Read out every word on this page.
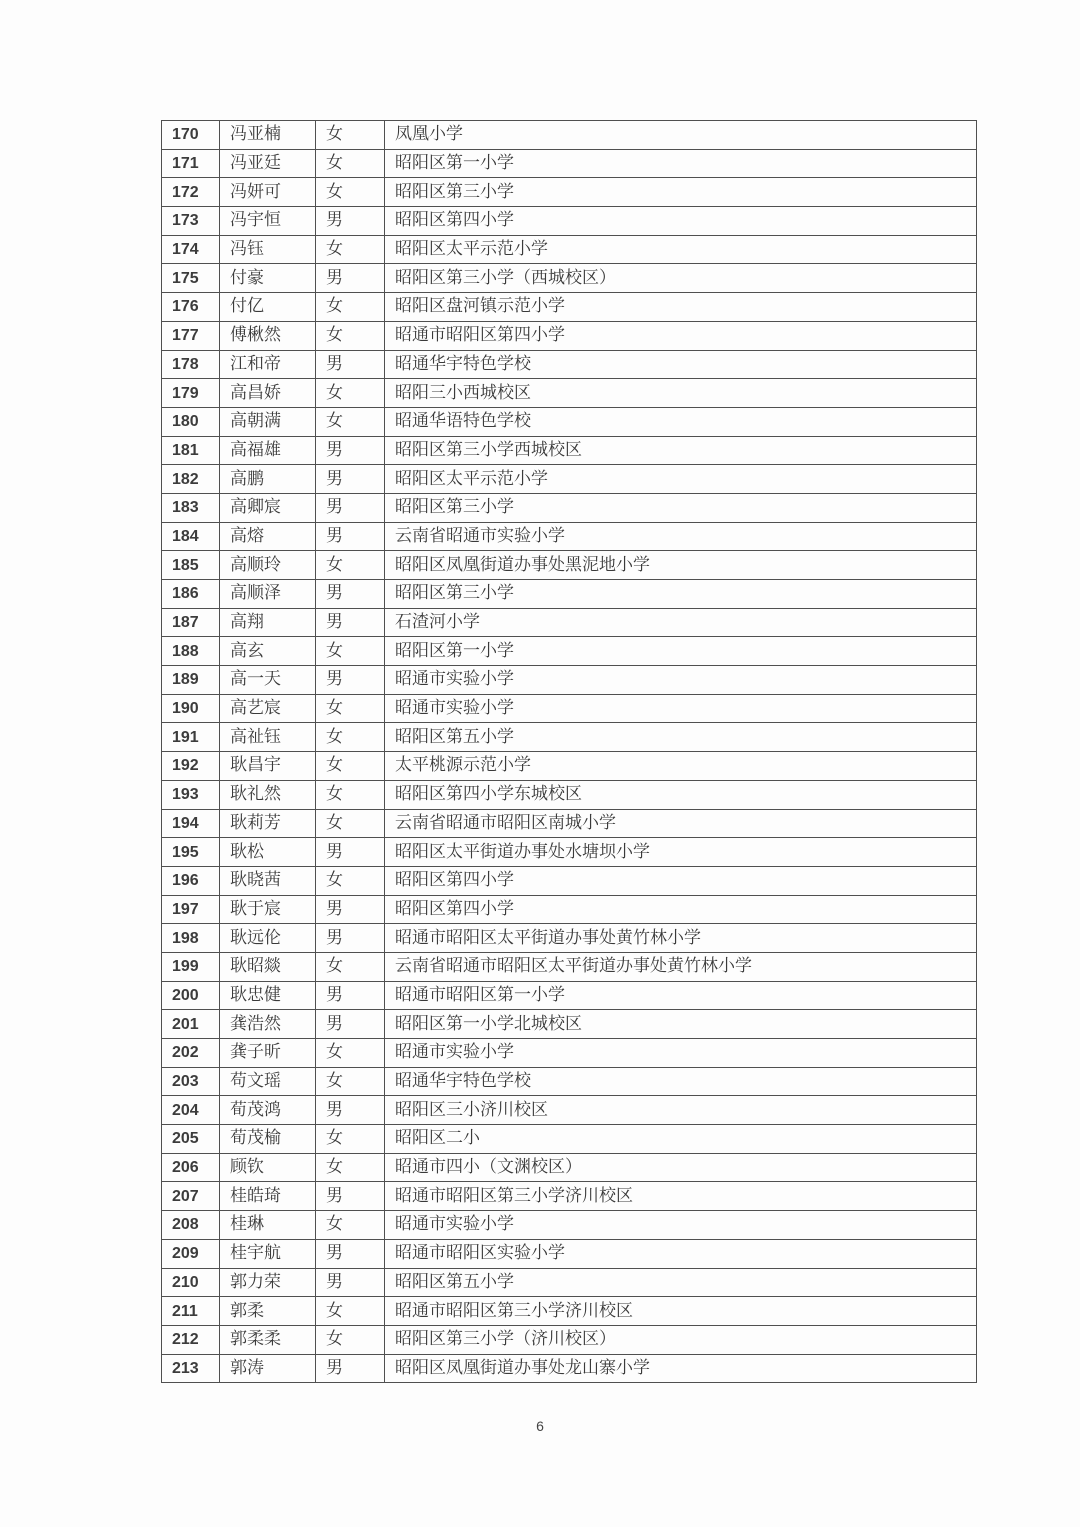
170	冯亚楠	女	凤凰小学
171	冯亚廷	女	昭阳区第一小学
172	冯妍可	女	昭阳区第三小学
173	冯宇恒	男	昭阳区第四小学
174	冯钰	女	昭阳区太平示范小学
175	付豪	男	昭阳区第三小学（西城校区）
176	付亿	女	昭阳区盘河镇示范小学
177	傅楸然	女	昭通市昭阳区第四小学
178	江和帝	男	昭通华宇特色学校
179	高昌娇	女	昭阳三小西城校区
180	高朝满	女	昭通华语特色学校
181	高福雄	男	昭阳区第三小学西城校区
182	高鹏	男	昭阳区太平示范小学
183	高卿宸	男	昭阳区第三小学
184	高熔	男	云南省昭通市实验小学
185	高顺玲	女	昭阳区凤凰街道办事处黑泥地小学
186	高顺泽	男	昭阳区第三小学
187	高翔	男	石渣河小学
188	高玄	女	昭阳区第一小学
189	高一天	男	昭通市实验小学
190	高艺宸	女	昭通市实验小学
191	高祉钰	女	昭阳区第五小学
192	耿昌宇	女	太平桃源示范小学
193	耿礼然	女	昭阳区第四小学东城校区
194	耿莉芳	女	云南省昭通市昭阳区南城小学
195	耿松	男	昭阳区太平街道办事处水塘坝小学
196	耿晓茜	女	昭阳区第四小学
197	耿于宸	男	昭阳区第四小学
198	耿远伦	男	昭通市昭阳区太平街道办事处黄竹林小学
199	耿昭燚	女	云南省昭通市昭阳区太平街道办事处黄竹林小学
200	耿忠健	男	昭通市昭阳区第一小学
201	龚浩然	男	昭阳区第一小学北城校区
202	龚子昕	女	昭通市实验小学
203	苟文瑶	女	昭通华宇特色学校
204	荀茂鸿	男	昭阳区三小济川校区
205	荀茂榆	女	昭阳区二小
206	顾钦	女	昭通市四小（文渊校区）
207	桂皓琦	男	昭通市昭阳区第三小学济川校区
208	桂琳	女	昭通市实验小学
209	桂宇航	男	昭通市昭阳区实验小学
210	郭力荣	男	昭阳区第五小学
211	郭柔	女	昭通市昭阳区第三小学济川校区
212	郭柔柔	女	昭阳区第三小学（济川校区）
213	郭涛	男	昭阳区凤凰街道办事处龙山寨小学
6
